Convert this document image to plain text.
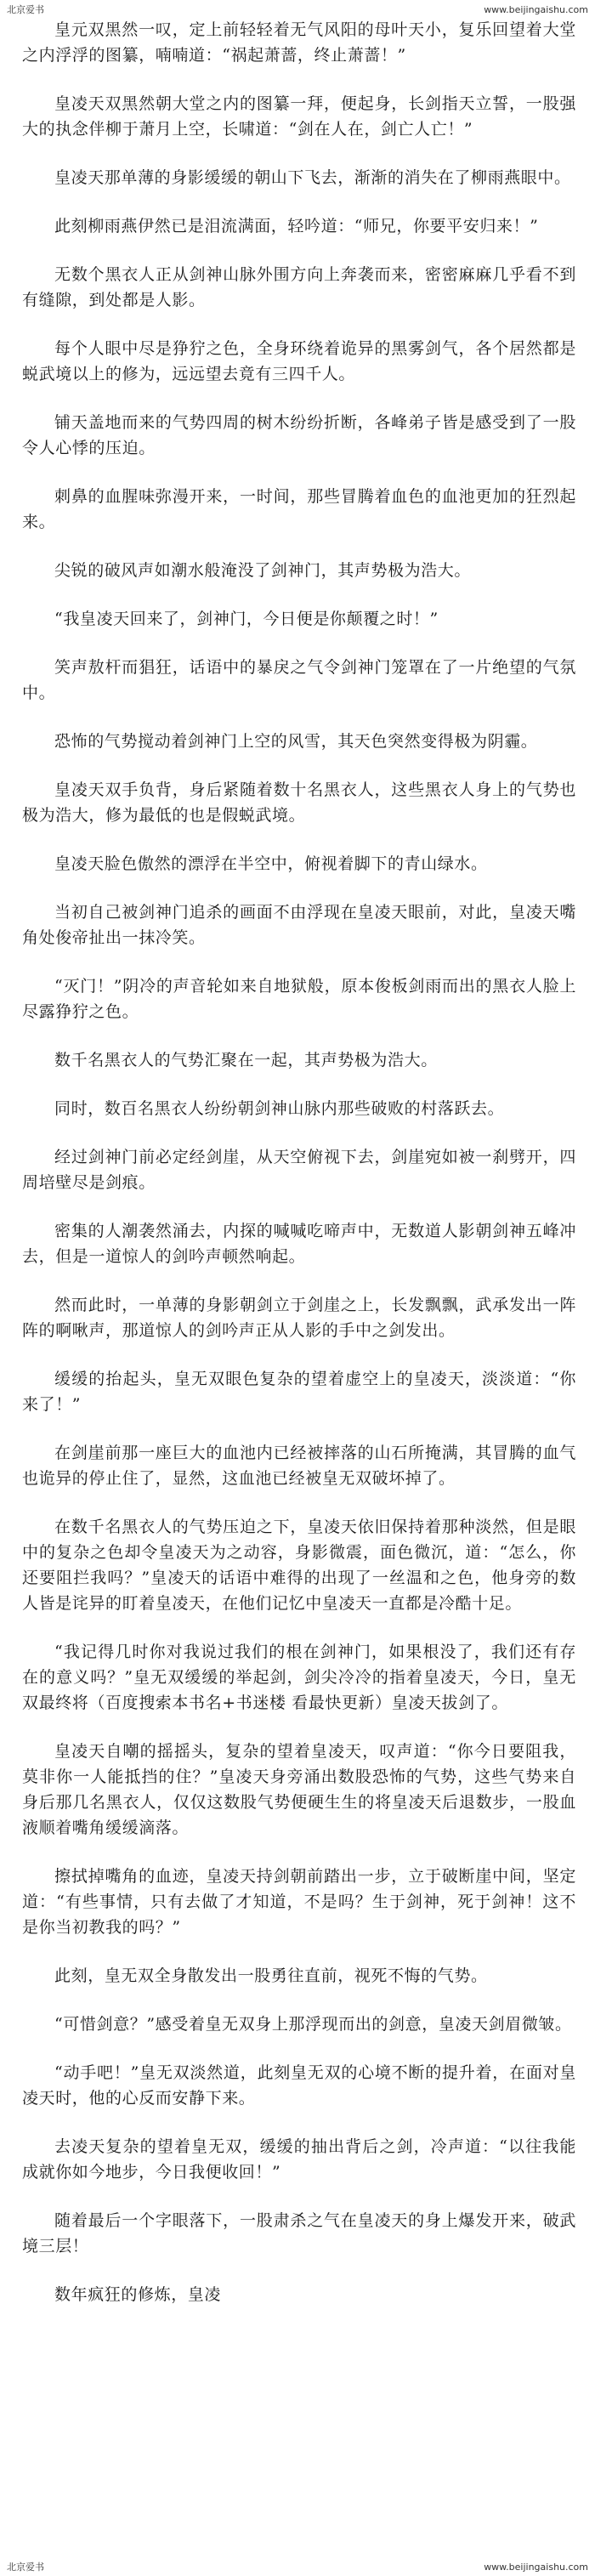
北京爱书	www.beijingaishu.com

皇元双黑然一叹，定上前轻轻着无气风阳的母叶天小，复乐回望着大堂之内浮浮的图纂，喃喃道：“祸起萧蔷，终止萧蔷！”

皇凌天双黑然朝大堂之内的图纂一拜，便起身，长剑指天立誓，一股强大的执念伴柳于萧月上空，长啸道：“剑在人在，剑亡人亡！”

皇凌天那单薄的身影缓缓的朝山下飞去，渐渐的消失在了柳雨燕眼中。

此刻柳雨燕伊然已是泪流满面，轻吟道：“师兄，你要平安归来！”

无数个黑衣人正从剑神山脉外围方向上奔袭而来，密密麻麻几乎看不到有缝隙，到处都是人影。

每个人眼中尽是狰狞之色，全身环绕着诡异的黑雾剑气，各个居然都是蜕武境以上的修为，远远望去竟有三四千人。

铺天盖地而来的气势四周的树木纷纷折断，各峰弟子皆是感受到了一股令人心悸的压迫。

刺鼻的血腥味弥漫开来，一时间，那些冒腾着血色的血池更加的狂烈起来。

尖锐的破风声如潮水般淹没了剑神门，其声势极为浩大。

“我皇凌天回来了，剑神门，今日便是你颠覆之时！”

笑声敖杆而猖狂，话语中的暴戾之气令剑神门笼罩在了一片绝望的气氛中。

恐怖的气势搅动着剑神门上空的风雪，其天色突然变得极为阴霾。

皇凌天双手负背，身后紧随着数十名黑衣人，这些黑衣人身上的气势也极为浩大，修为最低的也是假蜕武境。

皇凌天脸色傲然的漂浮在半空中，俯视着脚下的青山绿水。

当初自己被剑神门追杀的画面不由浮现在皇凌天眼前，对此，皇凌天嘴角处俊帝扯出一抹冷笑。

“灭门！”阴冷的声音轮如来自地狱般，原本俊板剑雨而出的黑衣人脸上尽露狰狞之色。

数千名黑衣人的气势汇聚在一起，其声势极为浩大。

同时，数百名黑衣人纷纷朝剑神山脉内那些破败的村落跃去。

经过剑神门前必定经剑崖，从天空俯视下去，剑崖宛如被一刹劈开，四周培壁尽是剑痕。

密集的人潮袭然涌去，内探的喊喊吃啼声中，无数道人影朝剑神五峰冲去，但是一道惊人的剑吟声顿然响起。

然而此时，一单薄的身影朝剑立于剑崖之上，长发飘飘，武承发出一阵阵的啊啾声，那道惊人的剑吟声正从人影的手中之剑发出。

缓缓的抬起头，皇无双眼色复杂的望着虚空上的皇凌天，淡淡道：“你来了！”

在剑崖前那一座巨大的血池内已经被摔落的山石所掩满，其冒腾的血气也诡异的停止住了，显然，这血池已经被皇无双破坏掉了。

在数千名黑衣人的气势压迫之下，皇凌天依旧保持着那种淡然，但是眼中的复杂之色却令皇凌天为之动容，身影微震，面色微沉，道：“怎么，你还要阻拦我吗？”皇凌天的话语中难得的出现了一丝温和之色，他身旁的数人皆是诧异的盯着皇凌天，在他们记忆中皇凌天一直都是冷酷十足。

“我记得几时你对我说过我们的根在剑神门，如果根没了，我们还有存在的意义吗？”皇无双缓缓的举起剑，剑尖冷冷的指着皇凌天，今日，皇无双最终将（百度搜索本书名+书迷楼 看最快更新）皇凌天拔剑了。

皇凌天自嘲的摇摇头，复杂的望着皇凌天，叹声道：“你今日要阻我，莫非你一人能抵挡的住？”皇凌天身旁涌出数股恐怖的气势，这些气势来自身后那几名黑衣人，仅仅这数股气势便硬生生的将皇凌天后退数步，一股血液顺着嘴角缓缓滴落。

擦拭掉嘴角的血迹，皇凌天持剑朝前踏出一步，立于破断崖中间，坚定道：“有些事情，只有去做了才知道，不是吗？生于剑神，死于剑神！这不是你当初教我的吗？”

此刻，皇无双全身散发出一股勇往直前，视死不悔的气势。

“可惜剑意？”感受着皇无双身上那浮现而出的剑意，皇凌天剑眉微皱。

“动手吧！”皇无双淡然道，此刻皇无双的心境不断的提升着，在面对皇凌天时，他的心反而安静下来。

去凌天复杂的望着皇无双，缓缓的抽出背后之剑，冷声道：“以往我能成就你如今地步，今日我便收回！”

随着最后一个字眼落下，一股肃杀之气在皇凌天的身上爆发开来，破武境三层！

数年疯狂的修炼，皇凌

北京爱书	www.beijingaishu.com
